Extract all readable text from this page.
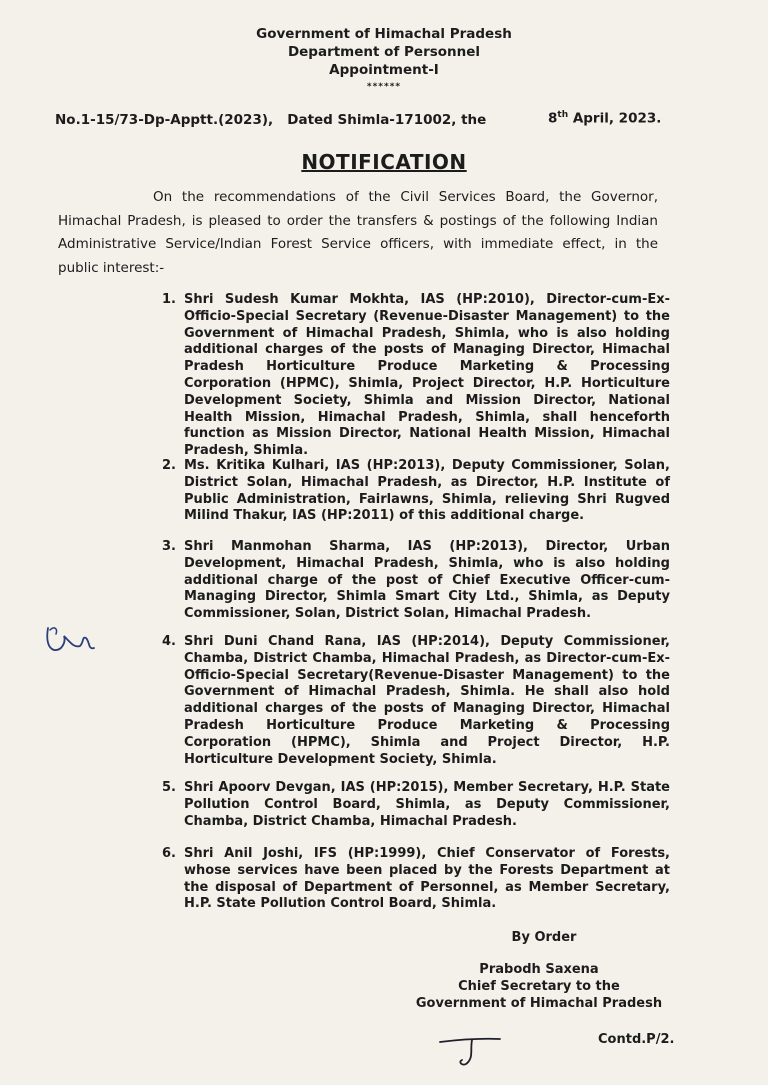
Government of Himachal Pradesh
Department of Personnel
Appointment-I
******
No.1-15/73-Dp-Apptt.(2023), Dated Shimla-171002, the	8th April, 2023.
NOTIFICATION
On the recommendations of the Civil Services Board, the Governor, Himachal Pradesh, is pleased to order the transfers & postings of the following Indian Administrative Service/Indian Forest Service officers, with immediate effect, in the public interest:-
1. Shri Sudesh Kumar Mokhta, IAS (HP:2010), Director-cum-Ex-Officio-Special Secretary (Revenue-Disaster Management) to the Government of Himachal Pradesh, Shimla, who is also holding additional charges of the posts of Managing Director, Himachal Pradesh Horticulture Produce Marketing & Processing Corporation (HPMC), Shimla, Project Director, H.P. Horticulture Development Society, Shimla and Mission Director, National Health Mission, Himachal Pradesh, Shimla, shall henceforth function as Mission Director, National Health Mission, Himachal Pradesh, Shimla.
2. Ms. Kritika Kulhari, IAS (HP:2013), Deputy Commissioner, Solan, District Solan, Himachal Pradesh, as Director, H.P. Institute of Public Administration, Fairlawns, Shimla, relieving Shri Rugved Milind Thakur, IAS (HP:2011) of this additional charge.
3. Shri Manmohan Sharma, IAS (HP:2013), Director, Urban Development, Himachal Pradesh, Shimla, who is also holding additional charge of the post of Chief Executive Officer-cum-Managing Director, Shimla Smart City Ltd., Shimla, as Deputy Commissioner, Solan, District Solan, Himachal Pradesh.
4. Shri Duni Chand Rana, IAS (HP:2014), Deputy Commissioner, Chamba, District Chamba, Himachal Pradesh, as Director-cum-Ex-Officio-Special Secretary(Revenue-Disaster Management) to the Government of Himachal Pradesh, Shimla. He shall also hold additional charges of the posts of Managing Director, Himachal Pradesh Horticulture Produce Marketing & Processing Corporation (HPMC), Shimla and Project Director, H.P. Horticulture Development Society, Shimla.
5. Shri Apoorv Devgan, IAS (HP:2015), Member Secretary, H.P. State Pollution Control Board, Shimla, as Deputy Commissioner, Chamba, District Chamba, Himachal Pradesh.
6. Shri Anil Joshi, IFS (HP:1999), Chief Conservator of Forests, whose services have been placed by the Forests Department at the disposal of Department of Personnel, as Member Secretary, H.P. State Pollution Control Board, Shimla.
By Order
Prabodh Saxena
Chief Secretary to the
Government of Himachal Pradesh
Contd.P/2.
